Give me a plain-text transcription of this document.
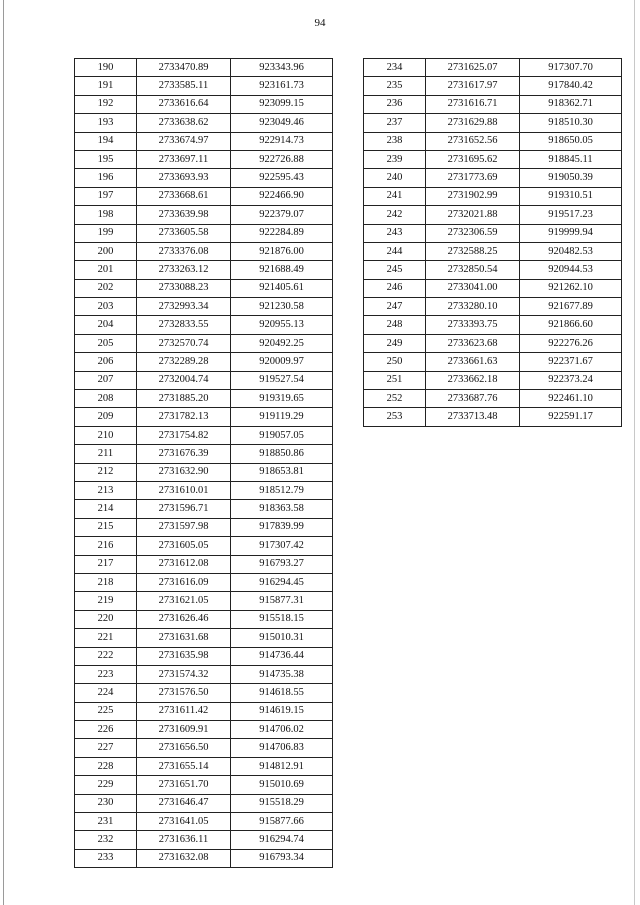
94
190	2733470.89	923343.96
191	2733585.11	923161.73
192	2733616.64	923099.15
193	2733638.62	923049.46
194	2733674.97	922914.73
195	2733697.11	922726.88
196	2733693.93	922595.43
197	2733668.61	922466.90
198	2733639.98	922379.07
199	2733605.58	922284.89
200	2733376.08	921876.00
201	2733263.12	921688.49
202	2733088.23	921405.61
203	2732993.34	921230.58
204	2732833.55	920955.13
205	2732570.74	920492.25
206	2732289.28	920009.97
207	2732004.74	919527.54
208	2731885.20	919319.65
209	2731782.13	919119.29
210	2731754.82	919057.05
211	2731676.39	918850.86
212	2731632.90	918653.81
213	2731610.01	918512.79
214	2731596.71	918363.58
215	2731597.98	917839.99
216	2731605.05	917307.42
217	2731612.08	916793.27
218	2731616.09	916294.45
219	2731621.05	915877.31
220	2731626.46	915518.15
221	2731631.68	915010.31
222	2731635.98	914736.44
223	2731574.32	914735.38
224	2731576.50	914618.55
225	2731611.42	914619.15
226	2731609.91	914706.02
227	2731656.50	914706.83
228	2731655.14	914812.91
229	2731651.70	915010.69
230	2731646.47	915518.29
231	2731641.05	915877.66
232	2731636.11	916294.74
233	2731632.08	916793.34
234	2731625.07	917307.70
235	2731617.97	917840.42
236	2731616.71	918362.71
237	2731629.88	918510.30
238	2731652.56	918650.05
239	2731695.62	918845.11
240	2731773.69	919050.39
241	2731902.99	919310.51
242	2732021.88	919517.23
243	2732306.59	919999.94
244	2732588.25	920482.53
245	2732850.54	920944.53
246	2733041.00	921262.10
247	2733280.10	921677.89
248	2733393.75	921866.60
249	2733623.68	922276.26
250	2733661.63	922371.67
251	2733662.18	922373.24
252	2733687.76	922461.10
253	2733713.48	922591.17
